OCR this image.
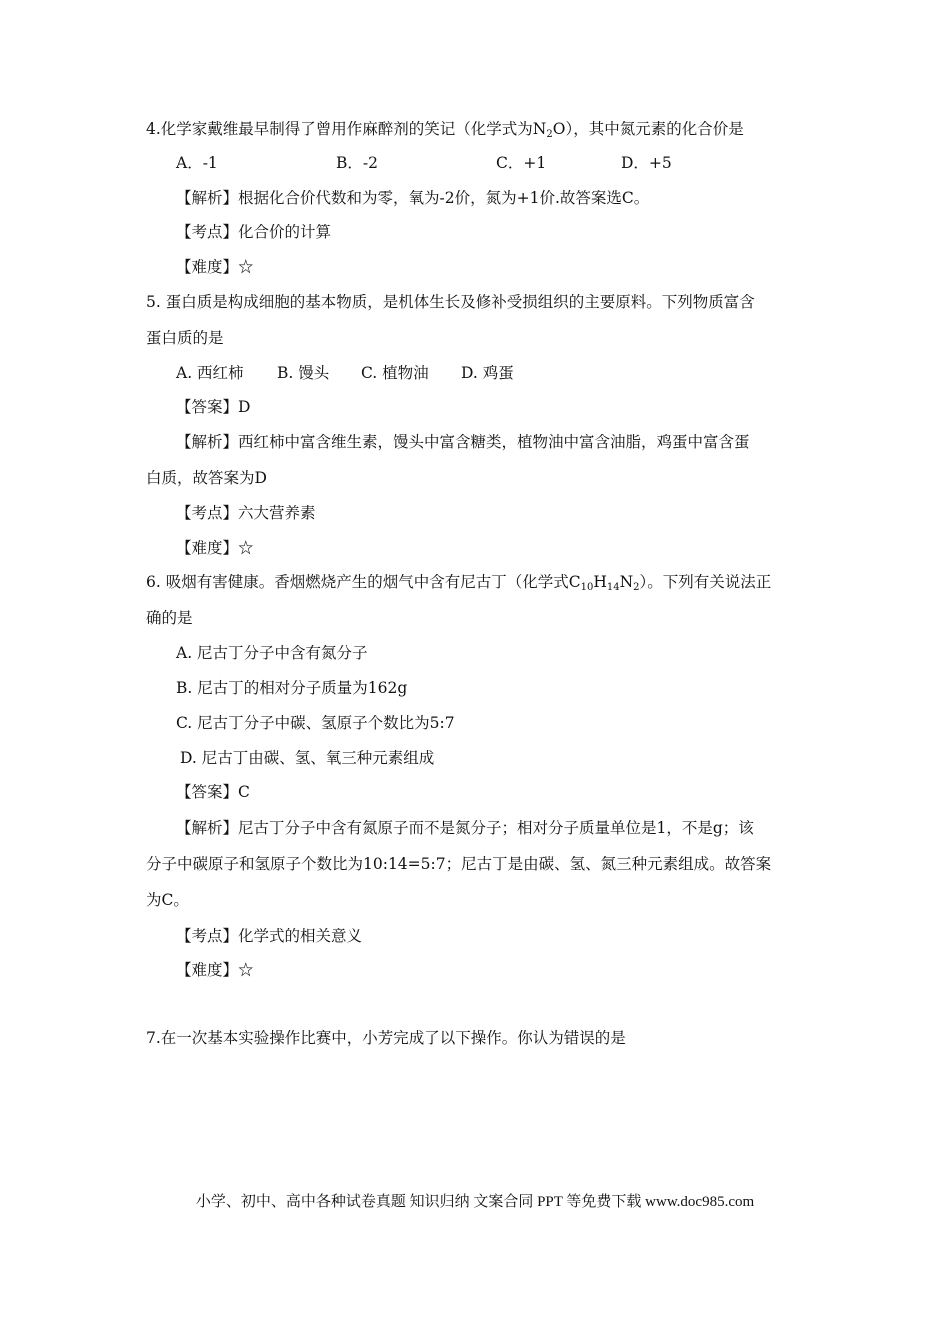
4.化学家戴维最早制得了曾用作麻醉剂的笑记（化学式为$N_2O$），其中氮元素的化合价是
A．-1	B．-2	C．+1	D．+5
【解析】根据化合价代数和为零，氧为-2价，氮为+1价.故答案选C。
【考点】化合价的计算
【难度】☆
5. 蛋白质是构成细胞的基本物质，是机体生长及修补受损组织的主要原料。下列物质富含
蛋白质的是
A. 西红柿 B. 馒头 C. 植物油 D. 鸡蛋
【答案】D
【解析】西红柿中富含维生素，馒头中富含糖类，植物油中富含油脂，鸡蛋中富含蛋
白质，故答案为D
【考点】六大营养素
【难度】☆
6. 吸烟有害健康。香烟燃烧产生的烟气中含有尼古丁（化学式$C_{10}H_{14}N_2$）。下列有关说法正
确的是
A. 尼古丁分子中含有氮分子
B. 尼古丁的相对分子质量为162g
C. 尼古丁分子中碳、氢原子个数比为5:7
D. 尼古丁由碳、氢、氧三种元素组成
【答案】C
【解析】尼古丁分子中含有氮原子而不是氮分子；相对分子质量单位是1，不是g；该
分子中碳原子和氢原子个数比为10:14=5:7；尼古丁是由碳、氢、氮三种元素组成。故答案
为C。
【考点】化学式的相关意义
【难度】☆
7.在一次基本实验操作比赛中，小芳完成了以下操作。你认为错误的是
小学、初中、高中各种试卷真题 知识归纳 文案合同 PPT 等免费下载 www.doc985.com
